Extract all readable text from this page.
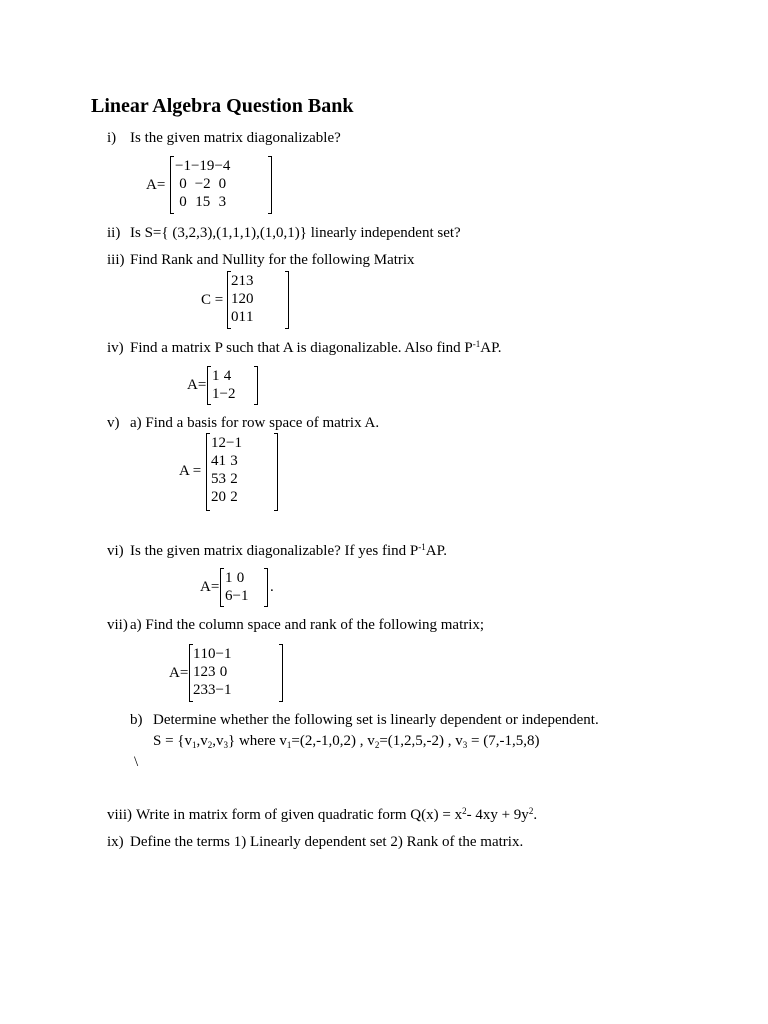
Linear Algebra Question Bank
i) Is the given matrix diagonalizable?
A=
−1	−19	−4
0	−2	0
0	15	3
ii) Is S={ (3,2,3),(1,1,1),(1,0,1)} linearly independent set?
iii) Find Rank and Nullity for the following Matrix
C =
2	1	3
1	2	0
0	1	1
iv) Find a matrix P such that A is diagonalizable. Also find $P^{-1}AP$.
A=
1	4
1	−2
v) a) Find a basis for row space of matrix A.
A =
1	2	−1
4	1	3
5	3	2
2	0	2
vi) Is the given matrix diagonalizable? If yes find $P^{-1}AP$.
A=
1	0
6	−1
.
vii) a) Find the column space and rank of the following matrix;
A=
1	1	0	−1
1	2	3	0
2	3	3	−1
b) Determine whether the following set is linearly dependent or independent.
$S = \{v_1,v_2,v_3\}$ where $v_1=(2,-1,0,2)$ , $v_2=(1,2,5,-2)$ , $v_3 = (7,-1,5,8)$
\
viii) Write in matrix form of given quadratic form $Q(x) = x^2-$ $4xy + 9y^2$.
ix) Define the terms 1) Linearly dependent set 2) Rank of the matrix.
